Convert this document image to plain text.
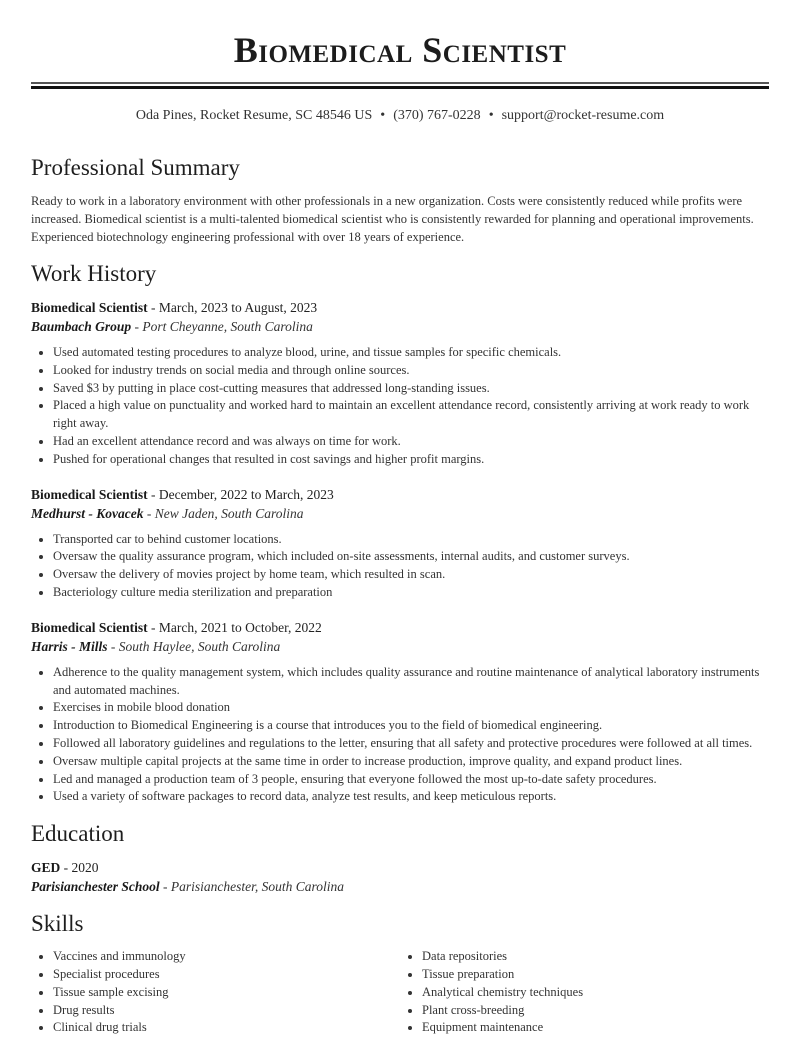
Biomedical Scientist
Oda Pines, Rocket Resume, SC 48546 US • (370) 767-0228 • support@rocket-resume.com
Professional Summary

Ready to work in a laboratory environment with other professionals in a new organization. Costs were consistently reduced while profits were increased. Biomedical scientist is a multi-talented biomedical scientist who is consistently rewarded for planning and operational improvements. Experienced biotechnology engineering professional with over 18 years of experience.

Work History
Biomedical Scientist - March, 2023 to August, 2023
Baumbach Group - Port Cheyanne, South Carolina
• Used automated testing procedures to analyze blood, urine, and tissue samples for specific chemicals.
• Looked for industry trends on social media and through online sources.
• Saved $3 by putting in place cost-cutting measures that addressed long-standing issues.
• Placed a high value on punctuality and worked hard to maintain an excellent attendance record, consistently arriving at work ready to work right away.
• Had an excellent attendance record and was always on time for work.
• Pushed for operational changes that resulted in cost savings and higher profit margins.
Biomedical Scientist - December, 2022 to March, 2023
Medhurst - Kovacek - New Jaden, South Carolina
• Transported car to behind customer locations.
• Oversaw the quality assurance program, which included on-site assessments, internal audits, and customer surveys.
• Oversaw the delivery of movies project by home team, which resulted in scan.
• Bacteriology culture media sterilization and preparation
Biomedical Scientist - March, 2021 to October, 2022
Harris - Mills - South Haylee, South Carolina
• Adherence to the quality management system, which includes quality assurance and routine maintenance of analytical laboratory instruments and automated machines.
• Exercises in mobile blood donation
• Introduction to Biomedical Engineering is a course that introduces you to the field of biomedical engineering.
• Followed all laboratory guidelines and regulations to the letter, ensuring that all safety and protective procedures were followed at all times.
• Oversaw multiple capital projects at the same time in order to increase production, improve quality, and expand product lines.
• Led and managed a production team of 3 people, ensuring that everyone followed the most up-to-date safety procedures.
• Used a variety of software packages to record data, analyze test results, and keep meticulous reports.
Education
GED - 2020
Parisianchester School - Parisianchester, South Carolina
Skills
• Vaccines and immunology
• Specialist procedures
• Tissue sample excising
• Drug results
• Clinical drug trials
• Data repositories
• Tissue preparation
• Analytical chemistry techniques
• Plant cross-breeding
• Equipment maintenance
